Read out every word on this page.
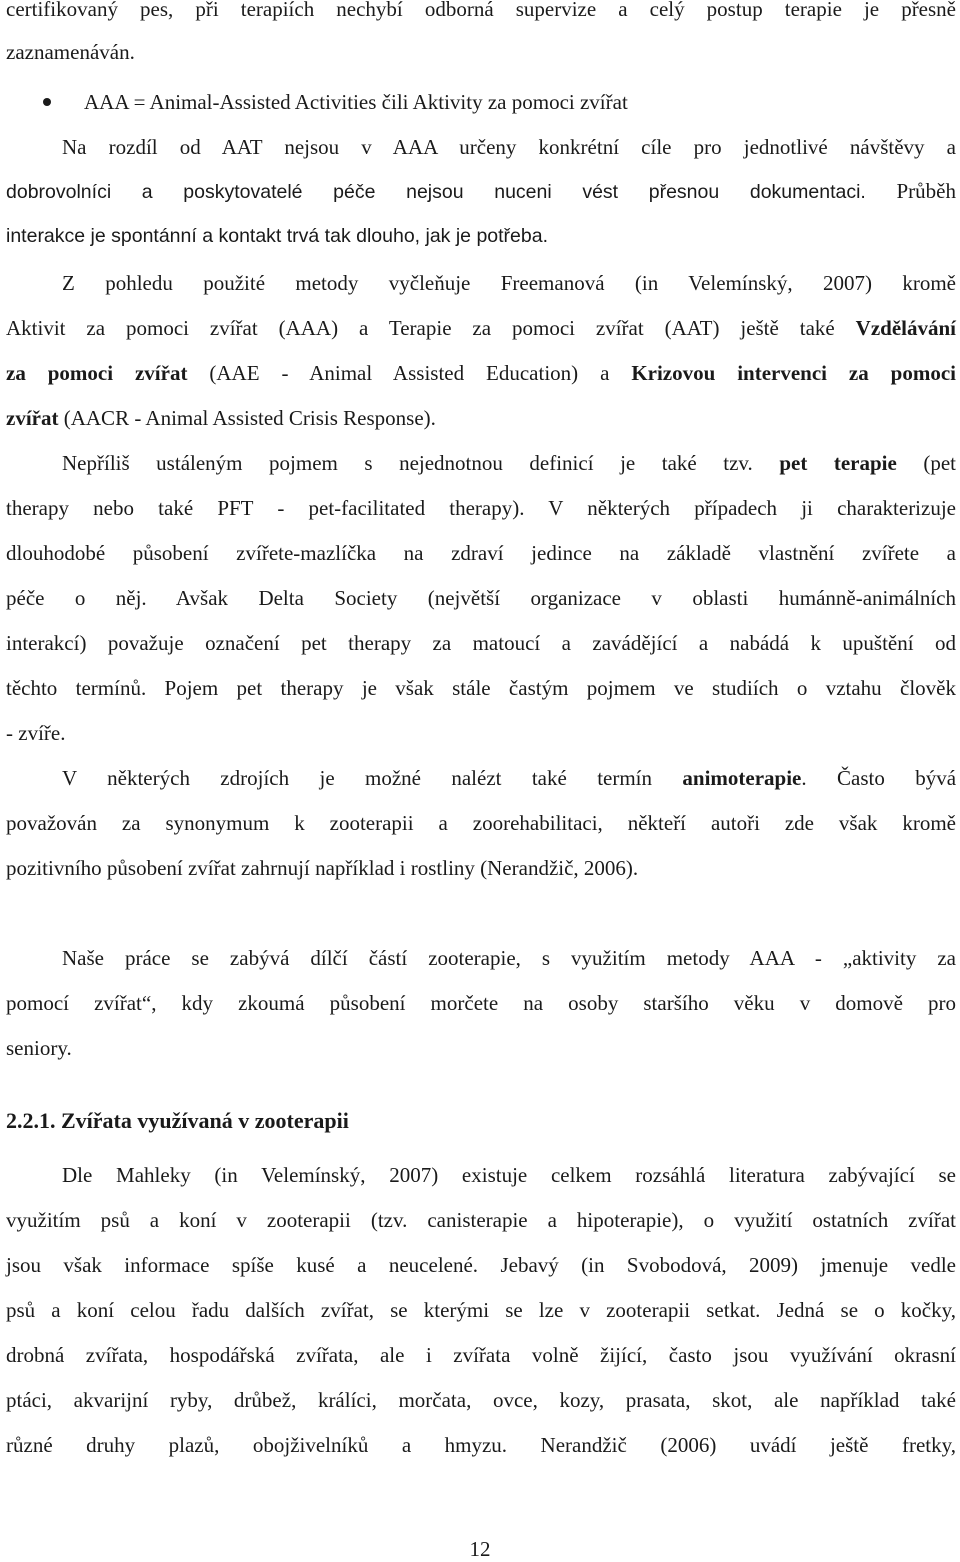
certifikovaný pes, při terapiích nechybí odborná supervize a celý postup terapie je přesně
zaznamenáván.
AAA = Animal-Assisted Activities čili Aktivity za pomoci zvířat
Na rozdíl od AAT nejsou v AAA určeny konkrétní cíle pro jednotlivé návštěvy a
dobrovolníci a poskytovatelé péče nejsou nuceni vést přesnou dokumentaci. Průběh
interakce je spontánní a kontakt trvá tak dlouho, jak je potřeba.
Z pohledu použité metody vyčleňuje Freemanová (in Velemínský, 2007) kromě
Aktivit za pomoci zvířat (AAA) a Terapie za pomoci zvířat (AAT) ještě také Vzdělávání
za pomoci zvířat (AAE - Animal Assisted Education) a Krizovou intervenci za pomoci
zvířat (AACR - Animal Assisted Crisis Response).
Nepříliš ustáleným pojmem s nejednotnou definicí je také tzv. pet terapie (pet
therapy nebo také PFT - pet-facilitated therapy). V některých případech ji charakterizuje
dlouhodobé působení zvířete-mazlíčka na zdraví jedince na základě vlastnění zvířete a
péče o něj. Avšak Delta Society (největší organizace v oblasti humánně-animálních
interakcí) považuje označení pet therapy za matoucí a zavádějící a nabádá k upuštění od
těchto termínů. Pojem pet therapy je však stále častým pojmem ve studiích o vztahu člověk
- zvíře.
V některých zdrojích je možné nalézt také termín animoterapie. Často bývá
považován za synonymum k zooterapii a zoorehabilitaci, někteří autoři zde však kromě
pozitivního působení zvířat zahrnují například i rostliny (Nerandžič, 2006).
Naše práce se zabývá dílčí částí zooterapie, s využitím metody AAA - „aktivity za
pomocí zvířat“, kdy zkoumá působení morčete na osoby staršího věku v domově pro
seniory.
2.2.1. Zvířata využívaná v zooterapii
Dle Mahleky (in Velemínský, 2007) existuje celkem rozsáhlá literatura zabývající se
využitím psů a koní v zooterapii (tzv. canisterapie a hipoterapie), o využití ostatních zvířat
jsou však informace spíše kusé a neucelené. Jebavý (in Svobodová, 2009) jmenuje vedle
psů a koní celou řadu dalších zvířat, se kterými se lze v zooterapii setkat. Jedná se o kočky,
drobná zvířata, hospodářská zvířata, ale i zvířata volně žijící, často jsou využívání okrasní
ptáci, akvarijní ryby, drůbež, králíci, morčata, ovce, kozy, prasata, skot, ale například také
různé druhy plazů, obojživelníků a hmyzu. Nerandžič (2006) uvádí ještě fretky,
12
